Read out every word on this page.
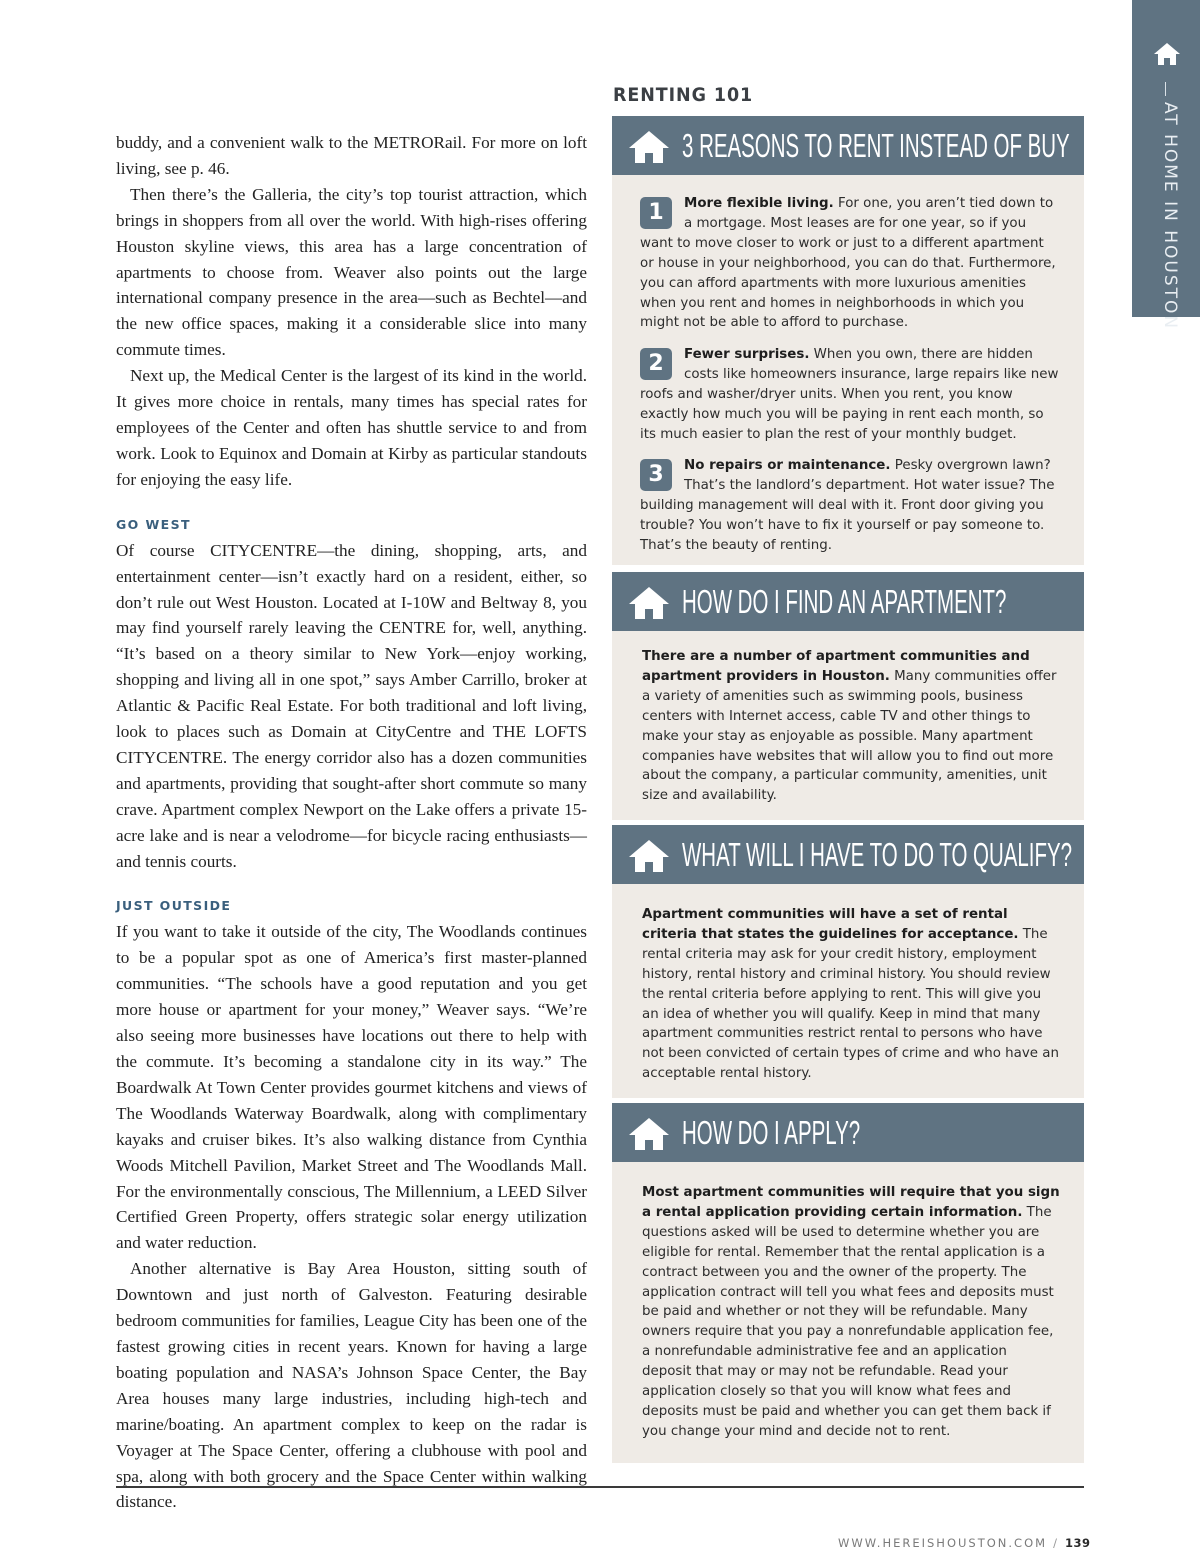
AT HOME IN HOUSTON

buddy, and a convenient walk to the METRORail. For more on loft living, see p. 46.

Then there’s the Galleria, the city’s top tourist attraction, which brings in shoppers from all over the world. With high-rises offering Houston skyline views, this area has a large concentration of apartments to choose from. Weaver also points out the large international company presence in the area—such as Bechtel—and the new office spaces, making it a considerable slice into many commute times.

Next up, the Medical Center is the largest of its kind in the world. It gives more choice in rentals, many times has special rates for employees of the Center and often has shuttle service to and from work. Look to Equinox and Domain at Kirby as particular standouts for enjoying the easy life.

GO WEST

Of course CITYCENTRE—the dining, shopping, arts, and entertainment center—isn’t exactly hard on a resident, either, so don’t rule out West Houston. Located at I-10W and Beltway 8, you may find yourself rarely leaving the CENTRE for, well, anything. “It’s based on a theory similar to New York—enjoy working, shopping and living all in one spot,” says Amber Carrillo, broker at Atlantic & Pacific Real Estate. For both traditional and loft living, look to places such as Domain at CityCentre and THE LOFTS CITYCENTRE. The energy corridor also has a dozen communities and apartments, providing that sought-after short commute so many crave. Apartment complex Newport on the Lake offers a private 15-acre lake and is near a velodrome—for bicycle racing enthusiasts—and tennis courts.

JUST OUTSIDE

If you want to take it outside of the city, The Woodlands continues to be a popular spot as one of America’s first master-planned communities. “The schools have a good reputation and you get more house or apartment for your money,” Weaver says. “We’re also seeing more businesses have locations out there to help with the commute. It’s becoming a standalone city in its way.” The Boardwalk At Town Center provides gourmet kitchens and views of The Woodlands Waterway Boardwalk, along with complimentary kayaks and cruiser bikes. It’s also walking distance from Cynthia Woods Mitchell Pavilion, Market Street and The Woodlands Mall. For the environmentally conscious, The Millennium, a LEED Silver Certified Green Property, offers strategic solar energy utilization and water reduction.

Another alternative is Bay Area Houston, sitting south of Downtown and just north of Galveston. Featuring desirable bedroom communities for families, League City has been one of the fastest growing cities in recent years. Known for having a large boating population and NASA’s Johnson Space Center, the Bay Area houses many large industries, including high-tech and marine/boating. An apartment complex to keep on the radar is Voyager at The Space Center, offering a clubhouse with pool and spa, along with both grocery and the Space Center within walking distance.

RENTING 101
3 REASONS TO RENT INSTEAD OF BUY
1	More flexible living. For one, you aren’t tied down to a mortgage. Most leases are for one year, so if you want to move closer to work or just to a different apartment or house in your neighborhood, you can do that. Furthermore, you can afford apartments with more luxurious amenities when you rent and homes in neighborhoods in which you might not be able to afford to purchase.
2	Fewer surprises. When you own, there are hidden costs like homeowners insurance, large repairs like new roofs and washer/dryer units. When you rent, you know exactly how much you will be paying in rent each month, so its much easier to plan the rest of your monthly budget.
3	No repairs or maintenance. Pesky overgrown lawn? That’s the landlord’s department. Hot water issue? The building management will deal with it. Front door giving you trouble? You won’t have to fix it yourself or pay someone to. That’s the beauty of renting.
HOW DO I FIND AN APARTMENT?
There are a number of apartment communities and apartment providers in Houston. Many communities offer a variety of amenities such as swimming pools, business centers with Internet access, cable TV and other things to make your stay as enjoyable as possible. Many apartment companies have websites that will allow you to find out more about the company, a particular community, amenities, unit size and availability.
WHAT WILL I HAVE TO DO TO QUALIFY?
Apartment communities will have a set of rental criteria that states the guidelines for acceptance. The rental criteria may ask for your credit history, employment history, rental history and criminal history. You should review the rental criteria before applying to rent. This will give you an idea of whether you will qualify. Keep in mind that many apartment communities restrict rental to persons who have not been convicted of certain types of crime and who have an acceptable rental history.
HOW DO I APPLY?
Most apartment communities will require that you sign a rental application providing certain information. The questions asked will be used to determine whether you are eligible for rental. Remember that the rental application is a contract between you and the owner of the property. The application contract will tell you what fees and deposits must be paid and whether or not they will be refundable. Many owners require that you pay a nonrefundable application fee, a nonrefundable administrative fee and an application deposit that may or may not be refundable. Read your application closely so that you will know what fees and deposits must be paid and whether you can get them back if you change your mind and decide not to rent.
WWW.HEREISHOUSTON.COM / 139
